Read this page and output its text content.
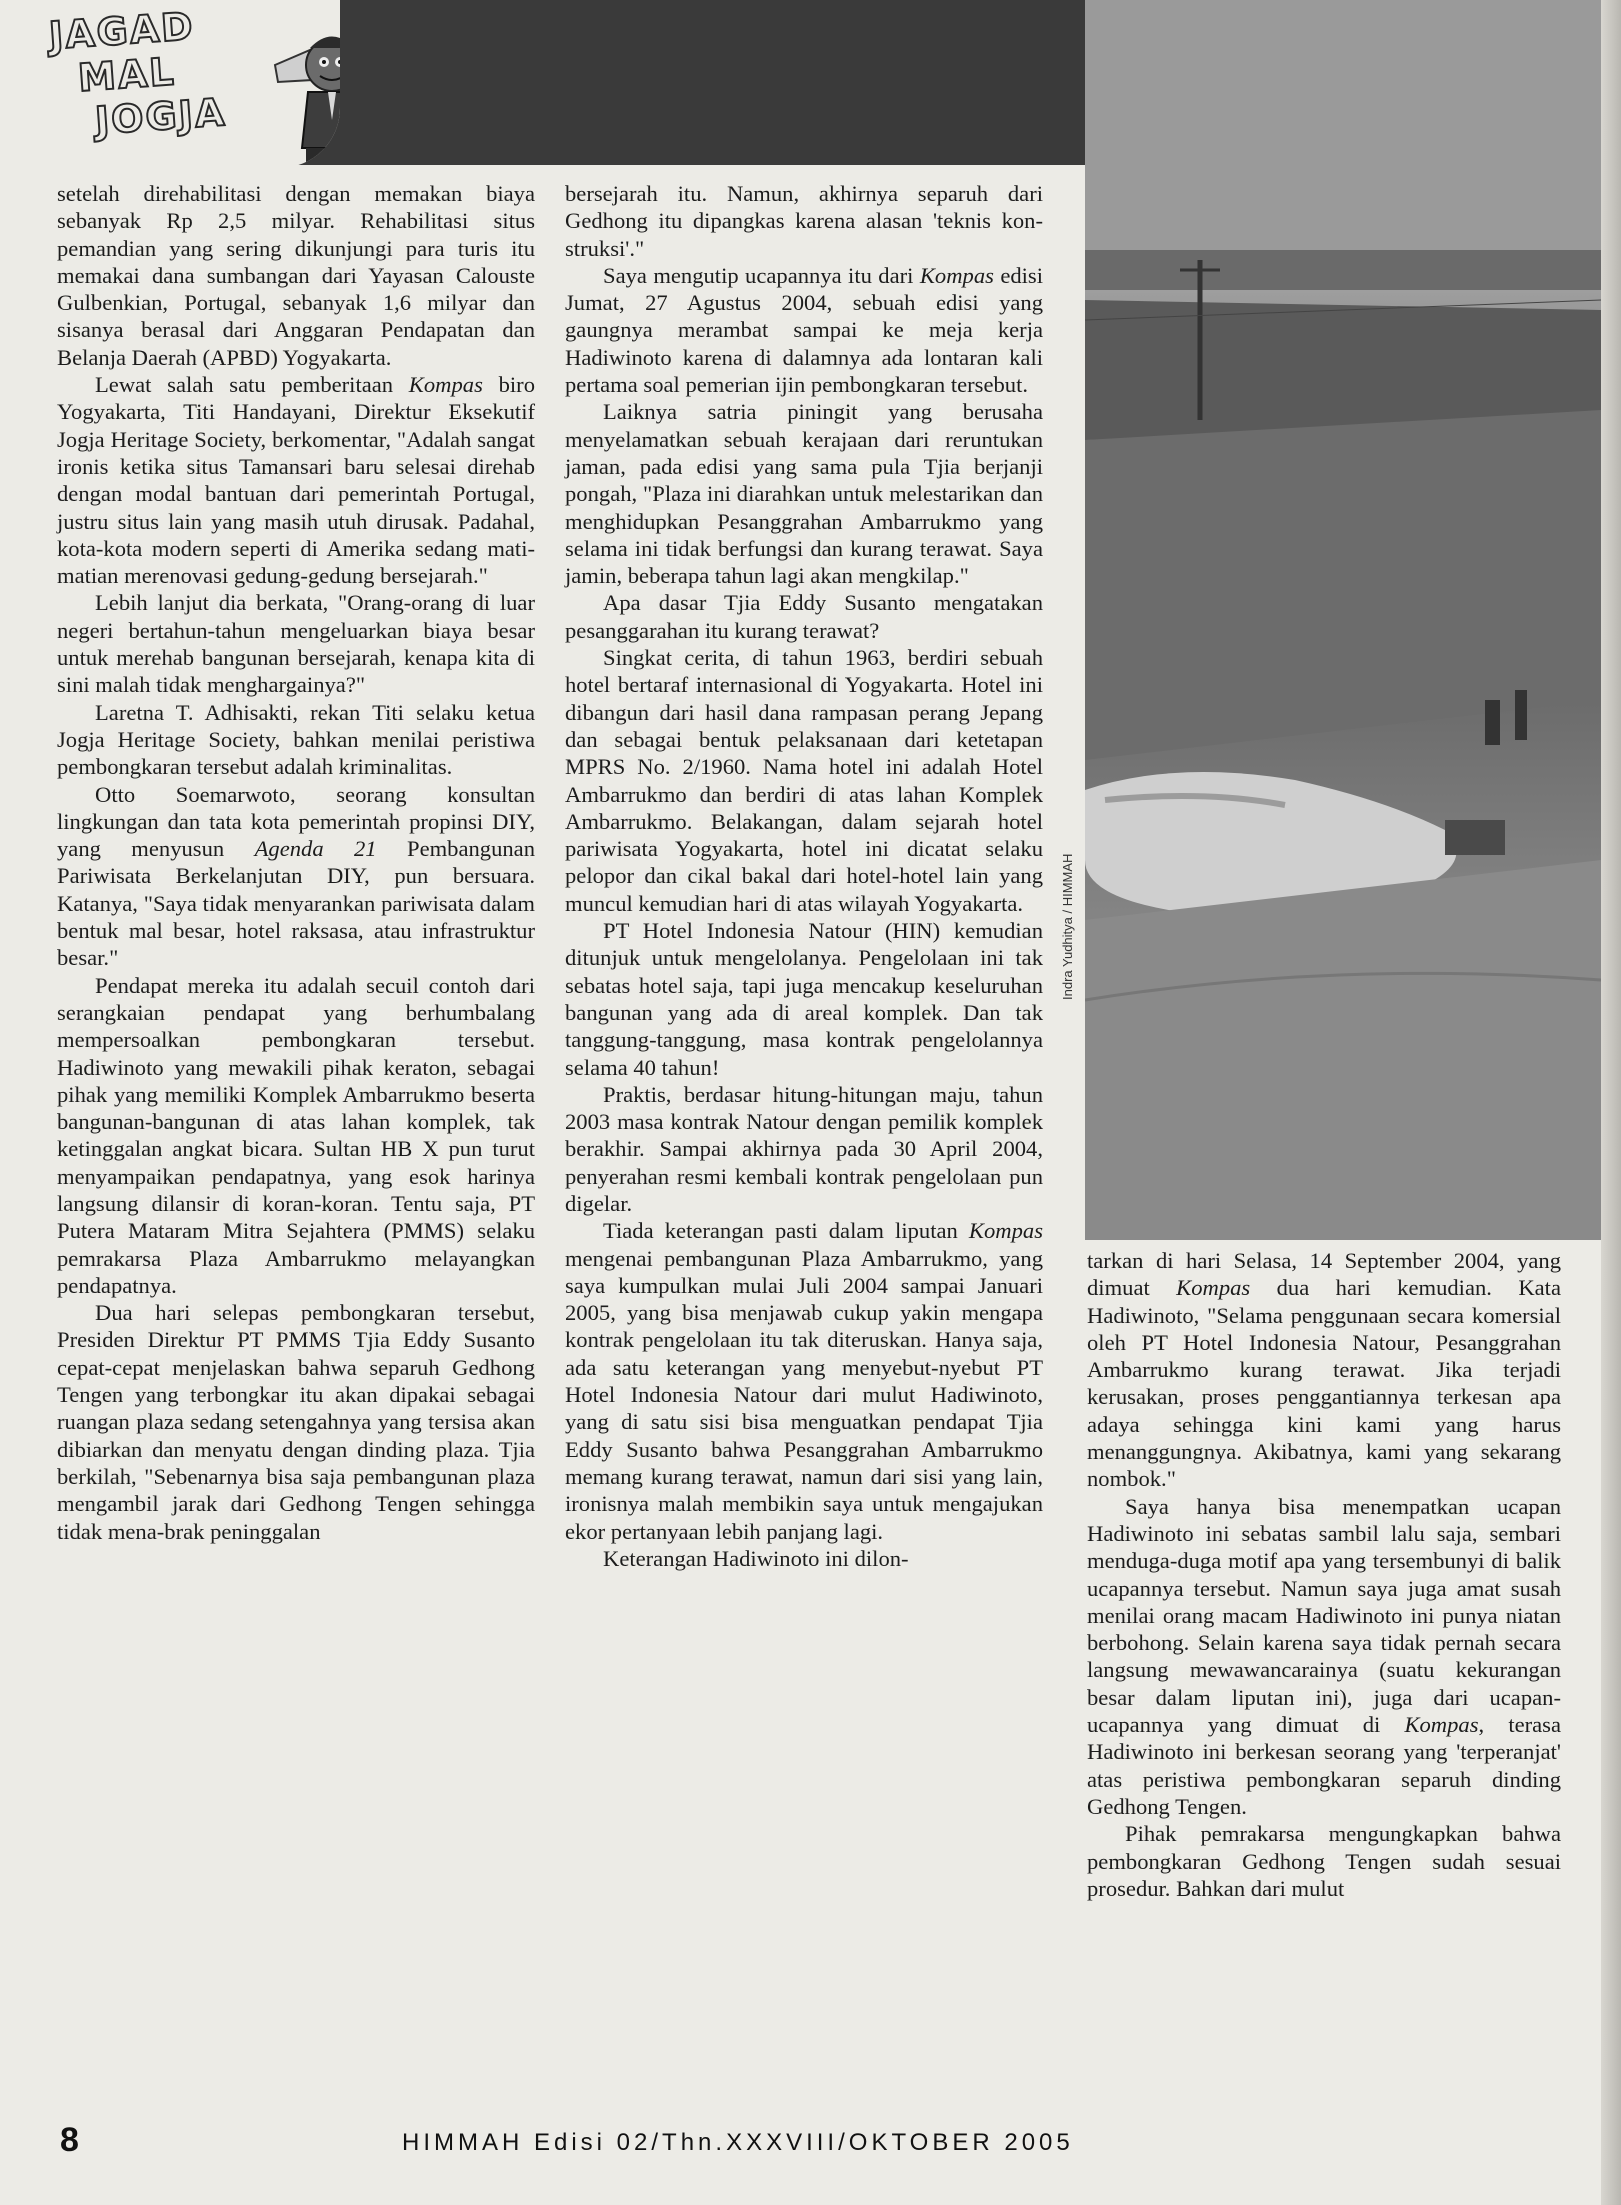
JAGAD
MAL
JOGJA
Indra Yudhitya / HIMMAH

setelah direhabilitasi dengan memakan biaya sebanyak Rp 2,5 milyar. Rehabilitasi situs pemandian yang sering dikunjungi para turis itu memakai dana sumbangan dari Yayasan Calouste Gulbenkian, Portugal, sebanyak 1,6 milyar dan sisanya berasal dari Anggaran Pendapatan dan Belanja Daerah (APBD) Yogyakarta.

Lewat salah satu pemberitaan Kompas biro Yogyakarta, Titi Handayani, Direktur Eksekutif Jogja Heritage Society, berkomentar, "Adalah sangat ironis ketika situs Tamansari baru selesai direhab dengan modal bantuan dari pemerintah Portugal, justru situs lain yang masih utuh dirusak. Padahal, kota-kota modern seperti di Amerika sedang mati-matian merenovasi gedung-gedung bersejarah."

Lebih lanjut dia berkata, "Orang-orang di luar negeri bertahun-tahun mengeluarkan biaya besar untuk merehab bangunan bersejarah, kenapa kita di sini malah tidak menghargainya?"

Laretna T. Adhisakti, rekan Titi selaku ketua Jogja Heritage Society, bahkan menilai peristiwa pembongkaran tersebut adalah kriminalitas.

Otto Soemarwoto, seorang konsultan lingkungan dan tata kota pemerintah propinsi DIY, yang menyusun Agenda 21 Pembangunan Pariwisata Berkelanjutan DIY, pun bersuara. Katanya, "Saya tidak menyarankan pariwisata dalam bentuk mal besar, hotel raksasa, atau infrastruktur besar."

Pendapat mereka itu adalah secuil contoh dari serangkaian pendapat yang berhumbalang mempersoalkan pembongkaran tersebut. Hadiwinoto yang mewakili pihak keraton, sebagai pihak yang memiliki Komplek Ambarrukmo beserta bangunan-bangunan di atas lahan komplek, tak ketinggalan angkat bicara. Sultan HB X pun turut menyampaikan pendapatnya, yang esok harinya langsung dilansir di koran-koran. Tentu saja, PT Putera Mataram Mitra Sejahtera (PMMS) selaku pemrakarsa Plaza Ambarrukmo melayangkan pendapatnya.

Dua hari selepas pembongkaran tersebut, Presiden Direktur PT PMMS Tjia Eddy Susanto cepat-cepat menjelaskan bahwa separuh Gedhong Tengen yang terbongkar itu akan dipakai sebagai ruangan plaza sedang setengahnya yang tersisa akan dibiarkan dan menyatu dengan dinding plaza. Tjia berkilah, "Sebenarnya bisa saja pembangunan plaza mengambil jarak dari Gedhong Tengen sehingga tidak mena-brak peninggalan

bersejarah itu. Namun, akhirnya separuh dari Gedhong itu dipangkas karena alasan 'teknis kon-struksi'."

Saya mengutip ucapannya itu dari Kompas edisi Jumat, 27 Agustus 2004, sebuah edisi yang gaungnya merambat sampai ke meja kerja Hadiwinoto karena di dalamnya ada lontaran kali pertama soal pemerian ijin pembongkaran tersebut.

Laiknya satria piningit yang berusaha menyelamatkan sebuah kerajaan dari reruntukan jaman, pada edisi yang sama pula Tjia berjanji pongah, "Plaza ini diarahkan untuk melestarikan dan menghidupkan Pesanggrahan Ambarrukmo yang selama ini tidak berfungsi dan kurang terawat. Saya jamin, beberapa tahun lagi akan mengkilap."

Apa dasar Tjia Eddy Susanto mengatakan pesanggarahan itu kurang terawat?

Singkat cerita, di tahun 1963, berdiri sebuah hotel bertaraf internasional di Yogyakarta. Hotel ini dibangun dari hasil dana rampasan perang Jepang dan sebagai bentuk pelaksanaan dari ketetapan MPRS No. 2/1960. Nama hotel ini adalah Hotel Ambarrukmo dan berdiri di atas lahan Komplek Ambarrukmo. Belakangan, dalam sejarah hotel pariwisata Yogyakarta, hotel ini dicatat selaku pelopor dan cikal bakal dari hotel-hotel lain yang muncul kemudian hari di atas wilayah Yogyakarta.

PT Hotel Indonesia Natour (HIN) kemudian ditunjuk untuk mengelolanya. Pengelolaan ini tak sebatas hotel saja, tapi juga mencakup keseluruhan bangunan yang ada di areal komplek. Dan tak tanggung-tanggung, masa kontrak pengelolannya selama 40 tahun!

Praktis, berdasar hitung-hitungan maju, tahun 2003 masa kontrak Natour dengan pemilik komplek berakhir. Sampai akhirnya pada 30 April 2004, penyerahan resmi kembali kontrak pengelolaan pun digelar.

Tiada keterangan pasti dalam liputan Kompas mengenai pembangunan Plaza Ambarrukmo, yang saya kumpulkan mulai Juli 2004 sampai Januari 2005, yang bisa menjawab cukup yakin mengapa kontrak pengelolaan itu tak diteruskan. Hanya saja, ada satu keterangan yang menyebut-nyebut PT Hotel Indonesia Natour dari mulut Hadiwinoto, yang di satu sisi bisa menguatkan pendapat Tjia Eddy Susanto bahwa Pesanggrahan Ambarrukmo memang kurang terawat, namun dari sisi yang lain, ironisnya malah membikin saya untuk mengajukan ekor pertanyaan lebih panjang lagi.

Keterangan Hadiwinoto ini dilon-

tarkan di hari Selasa, 14 September 2004, yang dimuat Kompas dua hari kemudian. Kata Hadiwinoto, "Selama penggunaan secara komersial oleh PT Hotel Indonesia Natour, Pesanggrahan Ambarrukmo kurang terawat. Jika terjadi kerusakan, proses penggantiannya terkesan apa adaya sehingga kini kami yang harus menanggungnya. Akibatnya, kami yang sekarang nombok."

Saya hanya bisa menempatkan ucapan Hadiwinoto ini sebatas sambil lalu saja, sembari menduga-duga motif apa yang tersembunyi di balik ucapannya tersebut. Namun saya juga amat susah menilai orang macam Hadiwinoto ini punya niatan berbohong. Selain karena saya tidak pernah secara langsung mewawancarainya (suatu kekurangan besar dalam liputan ini), juga dari ucapan-ucapannya yang dimuat di Kompas, terasa Hadiwinoto ini berkesan seorang yang 'terperanjat' atas peristiwa pembongkaran separuh dinding Gedhong Tengen.

Pihak pemrakarsa mengungkapkan bahwa pembongkaran Gedhong Tengen sudah sesuai prosedur. Bahkan dari mulut

8	HIMMAH Edisi 02/Thn.XXXVIII/OKTOBER 2005
